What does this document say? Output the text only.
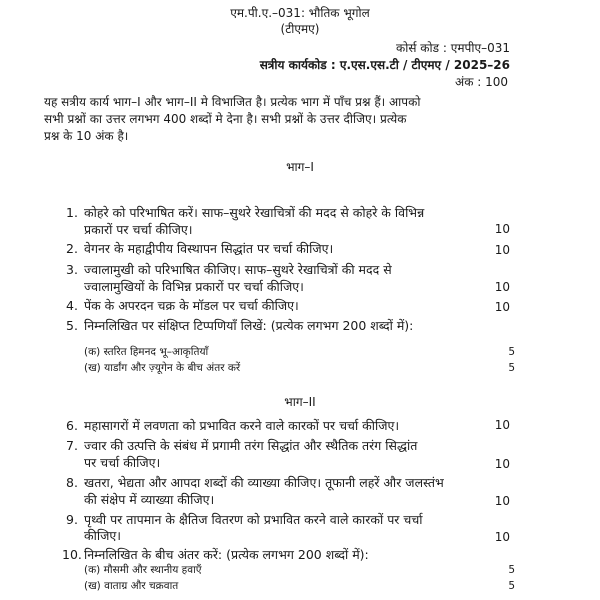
एम.पी.ए.–031: भौतिक भूगोल
(टीएमए)
कोर्स कोड : एमपीए–031
सत्रीय कार्यकोड : ए.एस.एस.टी / टीएमए / 2025–26
अंक : 100
यह सत्रीय कार्य भाग–I और भाग–II मे विभाजित है। प्रत्येक भाग में पाँच प्रश्न हैं। आपको
सभी प्रश्नों का उत्तर लगभग 400 शब्दों मे देना है। सभी प्रश्नों के उत्तर दीजिए। प्रत्येक
प्रश्न के 10 अंक है।
भाग–I
1. कोहरे को परिभाषित करें। साफ–सुथरे रेखाचित्रों की मदद से कोहरे के विभिन्न
प्रकारों पर चर्चा कीजिए।	10
2. वेगनर के महाद्वीपीय विस्थापन सिद्धांत पर चर्चा कीजिए।	10
3. ज्वालामुखी को परिभाषित कीजिए। साफ–सुथरे रेखाचित्रों की मदद से
ज्वालामुखियों के विभिन्न प्रकारों पर चर्चा कीजिए।	10
4. पेंक के अपरदन चक्र के मॉडल पर चर्चा कीजिए।	10
5. निम्नलिखित पर संक्षिप्त टिप्पणियाँ लिखें: (प्रत्येक लगभग 200 शब्दों में):
(क) स्तरित हिमनद भू–आकृतियाँ	5
(ख) यार्डांग और ज़्यूगेन के बीच अंतर करें	5
भाग–II
6. महासागरों में लवणता को प्रभावित करने वाले कारकों पर चर्चा कीजिए।	10
7. ज्वार की उत्पत्ति के संबंध में प्रगामी तरंग सिद्धांत और स्थैतिक तरंग सिद्धांत
पर चर्चा कीजिए।	10
8. खतरा, भेद्यता और आपदा शब्दों की व्याख्या कीजिए। तूफानी लहरें और जलस्तंभ
की संक्षेप में व्याख्या कीजिए।	10
9. पृथ्वी पर तापमान के क्षैतिज वितरण को प्रभावित करने वाले कारकों पर चर्चा
कीजिए।	10
10. निम्नलिखित के बीच अंतर करें: (प्रत्येक लगभग 200 शब्दों में):
(क) मौसमी और स्थानीय हवाएँ	5
(ख) वाताग्र और चक्रवात	5
